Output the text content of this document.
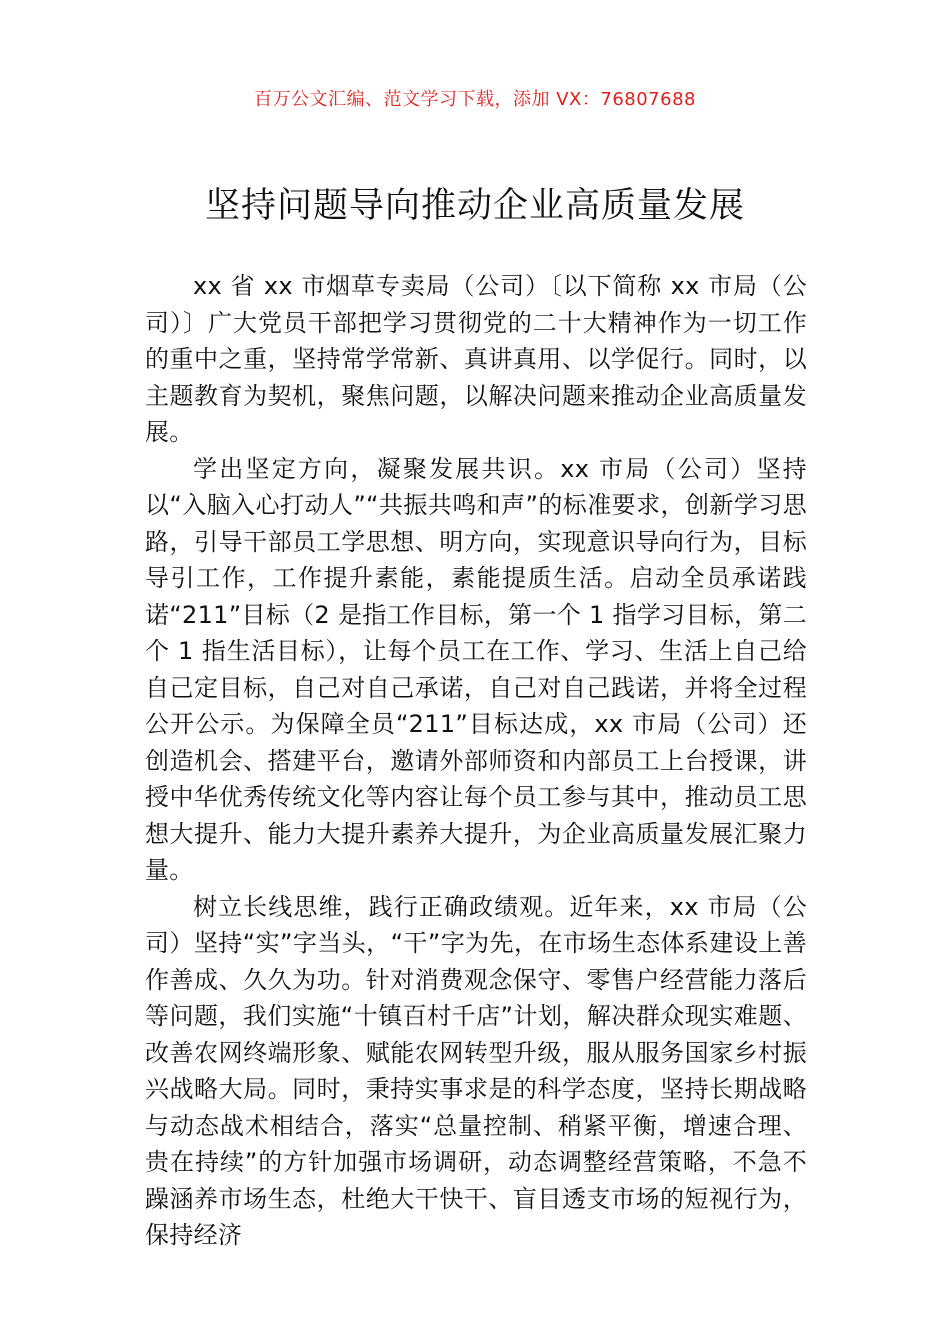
百万公文汇编、范文学习下载，添加 VX：76807688
坚持问题导向推动企业高质量发展

xx 省 xx 市烟草专卖局（公司）〔以下简称 xx 市局（公司）〕广大党员干部把学习贯彻党的二十大精神作为一切工作的重中之重，坚持常学常新、真讲真用、以学促行。同时，以主题教育为契机，聚焦问题，以解决问题来推动企业高质量发展。

学出坚定方向，凝聚发展共识。xx 市局（公司）坚持以“入脑入心打动人”“共振共鸣和声”的标准要求，创新学习思路，引导干部员工学思想、明方向，实现意识导向行为，目标导引工作，工作提升素能，素能提质生活。启动全员承诺践诺“211”目标（2 是指工作目标，第一个 1 指学习目标，第二个 1 指生活目标），让每个员工在工作、学习、生活上自己给自己定目标，自己对自己承诺，自己对自己践诺，并将全过程公开公示。为保障全员“211”目标达成，xx 市局（公司）还创造机会、搭建平台，邀请外部师资和内部员工上台授课，讲授中华优秀传统文化等内容让每个员工参与其中，推动员工思想大提升、能力大提升素养大提升，为企业高质量发展汇聚力量。

树立长线思维，践行正确政绩观。近年来，xx 市局（公司）坚持“实”字当头，“干”字为先，在市场生态体系建设上善作善成、久久为功。针对消费观念保守、零售户经营能力落后等问题，我们实施“十镇百村千店”计划，解决群众现实难题、改善农网终端形象、赋能农网转型升级，服从服务国家乡村振兴战略大局。同时，秉持实事求是的科学态度，坚持长期战略与动态战术相结合，落实“总量控制、稍紧平衡，增速合理、贵在持续”的方针加强市场调研，动态调整经营策略，不急不躁涵养市场生态，杜绝大干快干、盲目透支市场的短视行为，保持经济
